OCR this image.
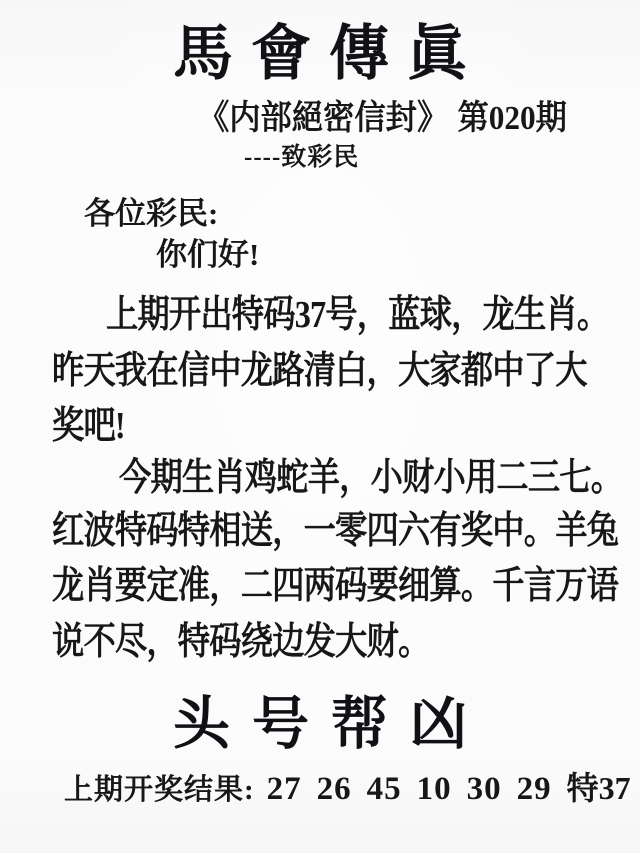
馬會傳眞
《内部絕密信封》 第020期
----致彩民
各位彩民:
你们好!
上期开出特码37号，蓝球，龙生肖。
昨天我在信中龙路清白，大家都中了大
奖吧!
今期生肖鸡蛇羊，小财小用二三七。
红波特码特相送，一零四六有奖中。羊兔
龙肖要定准，二四两码要细算。千言万语
说不尽，特码绕边发大财。
头号帮凶
上期开奖结果: 27 26 45 10 30 29 特37
